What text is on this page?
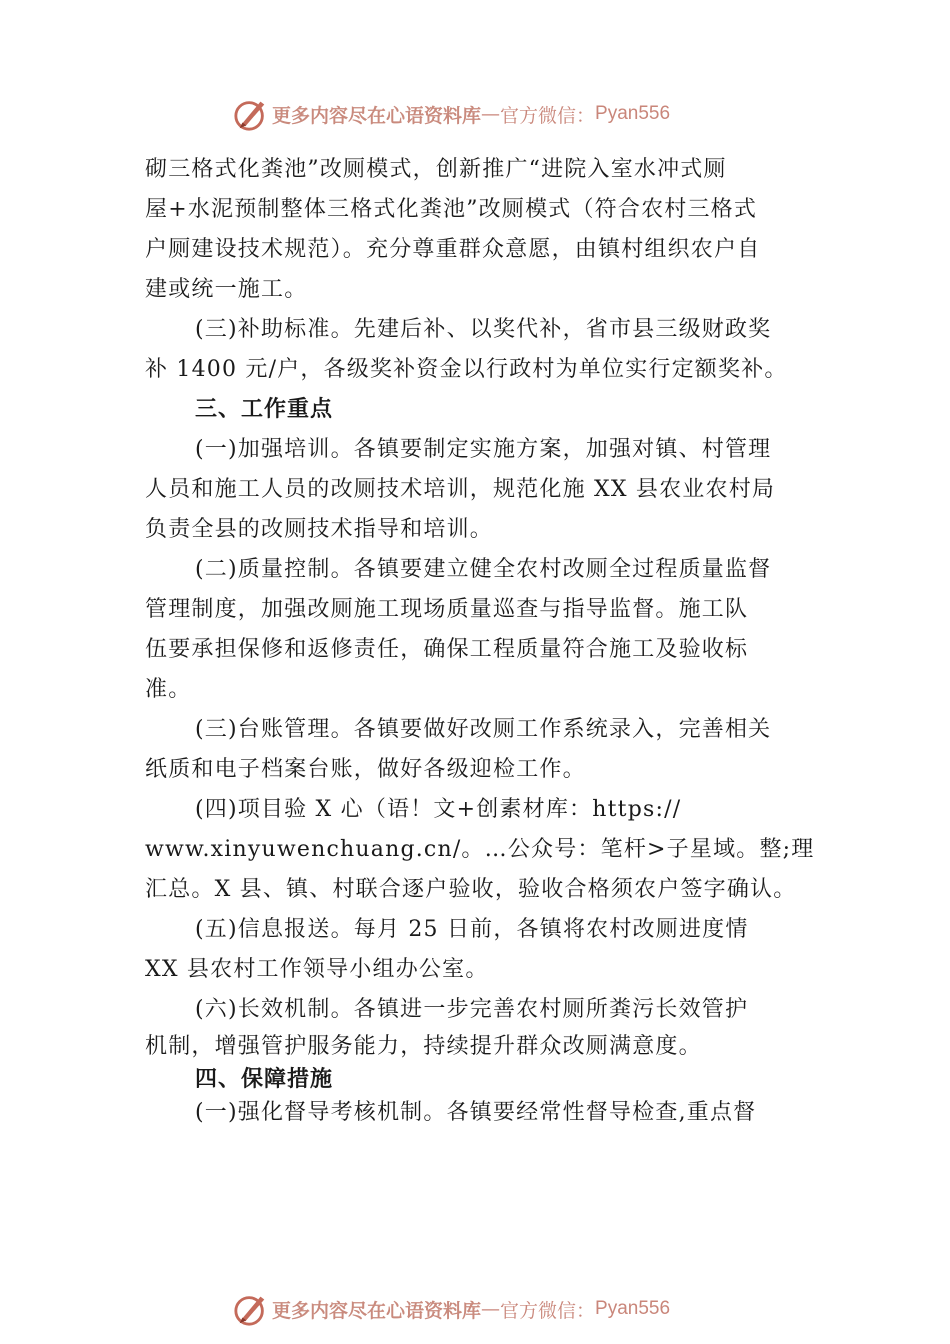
更多内容尽在心语资料库 — 官方微信： Pyan556
砌三格式化粪池”改厕模式，创新推广“进院入室水冲式厕
屋+水泥预制整体三格式化粪池”改厕模式（符合农村三格式
户厕建设技术规范）。充分尊重群众意愿，由镇村组织农户自
建或统一施工。
(三)补助标准。先建后补、以奖代补，省市县三级财政奖
补 1400 元/户，各级奖补资金以行政村为单位实行定额奖补。
三、工作重点
(一)加强培训。各镇要制定实施方案，加强对镇、村管理
人员和施工人员的改厕技术培训，规范化施 XX 县农业农村局
负责全县的改厕技术指导和培训。
(二)质量控制。各镇要建立健全农村改厕全过程质量监督
管理制度，加强改厕施工现场质量巡查与指导监督。施工队
伍要承担保修和返修责任，确保工程质量符合施工及验收标
准。
(三)台账管理。各镇要做好改厕工作系统录入，完善相关
纸质和电子档案台账，做好各级迎检工作。
(四)项目验 X 心（语！文+创素材库：https://
www.xinyuwenchuang.cn/。…公众号：笔杆>子星域。整;理
汇总。X 县、镇、村联合逐户验收，验收合格须农户签字确认。
(五)信息报送。每月 25 日前，各镇将农村改厕进度情
XX 县农村工作领导小组办公室。
(六)长效机制。各镇进一步完善农村厕所粪污长效管护
机制，增强管护服务能力，持续提升群众改厕满意度。
四、保障措施
(一)强化督导考核机制。各镇要经常性督导检查,重点督
更多内容尽在心语资料库 — 官方微信： Pyan556
